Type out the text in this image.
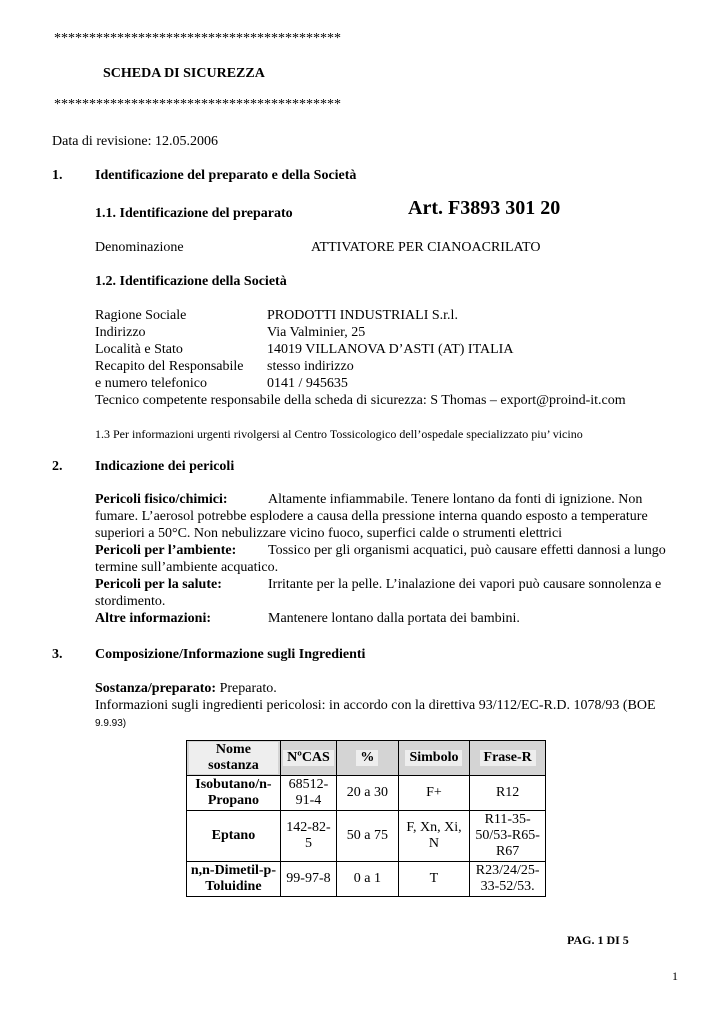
*****************************************
SCHEDA DI SICUREZZA
*****************************************
Data di revisione: 12.05.2006
1. Identificazione del preparato e della Società
1.1. Identificazione del preparato	Art. F3893 301 20
Denominazione	ATTIVATORE PER CIANOACRILATO
1.2. Identificazione della Società
Ragione Sociale	PRODOTTI INDUSTRIALI S.r.l.
Indirizzo	Via Valminier, 25
Località e Stato	14019 VILLANOVA D’ASTI (AT) ITALIA
Recapito del Responsabile stesso indirizzo
e numero telefonico	0141 / 945635
Tecnico competente responsabile della scheda di sicurezza: S Thomas – export@proind-it.com
1.3 Per informazioni urgenti rivolgersi al Centro Tossicologico dell’ospedale specializzato piu’ vicino
2. Indicazione dei pericoli
Pericoli fisico/chimici:	Altamente infiammabile. Tenere lontano da fonti di ignizione. Non fumare. L’aerosol potrebbe esplodere a causa della pressione interna quando esposto a temperature superiori a 50°C. Non nebulizzare vicino fuoco, superfici calde o strumenti elettrici
Pericoli per l’ambiente: Tossico per gli organismi acquatici, può causare effetti dannosi a lungo termine sull’ambiente acquatico.
Pericoli per la salute:	Irritante per la pelle. L’inalazione dei vapori può causare sonnolenza e stordimento.
Altre informazioni:	Mantenere lontano dalla portata dei bambini.
3. Composizione/Informazione sugli Ingredienti
Sostanza/preparato: Preparato.
Informazioni sugli ingredienti pericolosi: in accordo con la direttiva 93/112/EC-R.D. 1078/93 (BOE
9.9.93)
Nome sostanza	NºCAS	%	Simbolo	Frase-R
Isobutano/n-Propano	68512-91-4	20 a 30	F+	R12
Eptano	142-82-5	50 a 75	F, Xn, Xi, N	R11-35-50/53-R65-R67
n,n-Dimetil-p-Toluidine	99-97-8	0 a 1	T	R23/24/25-33-52/53.
PAG. 1 DI 5
1
